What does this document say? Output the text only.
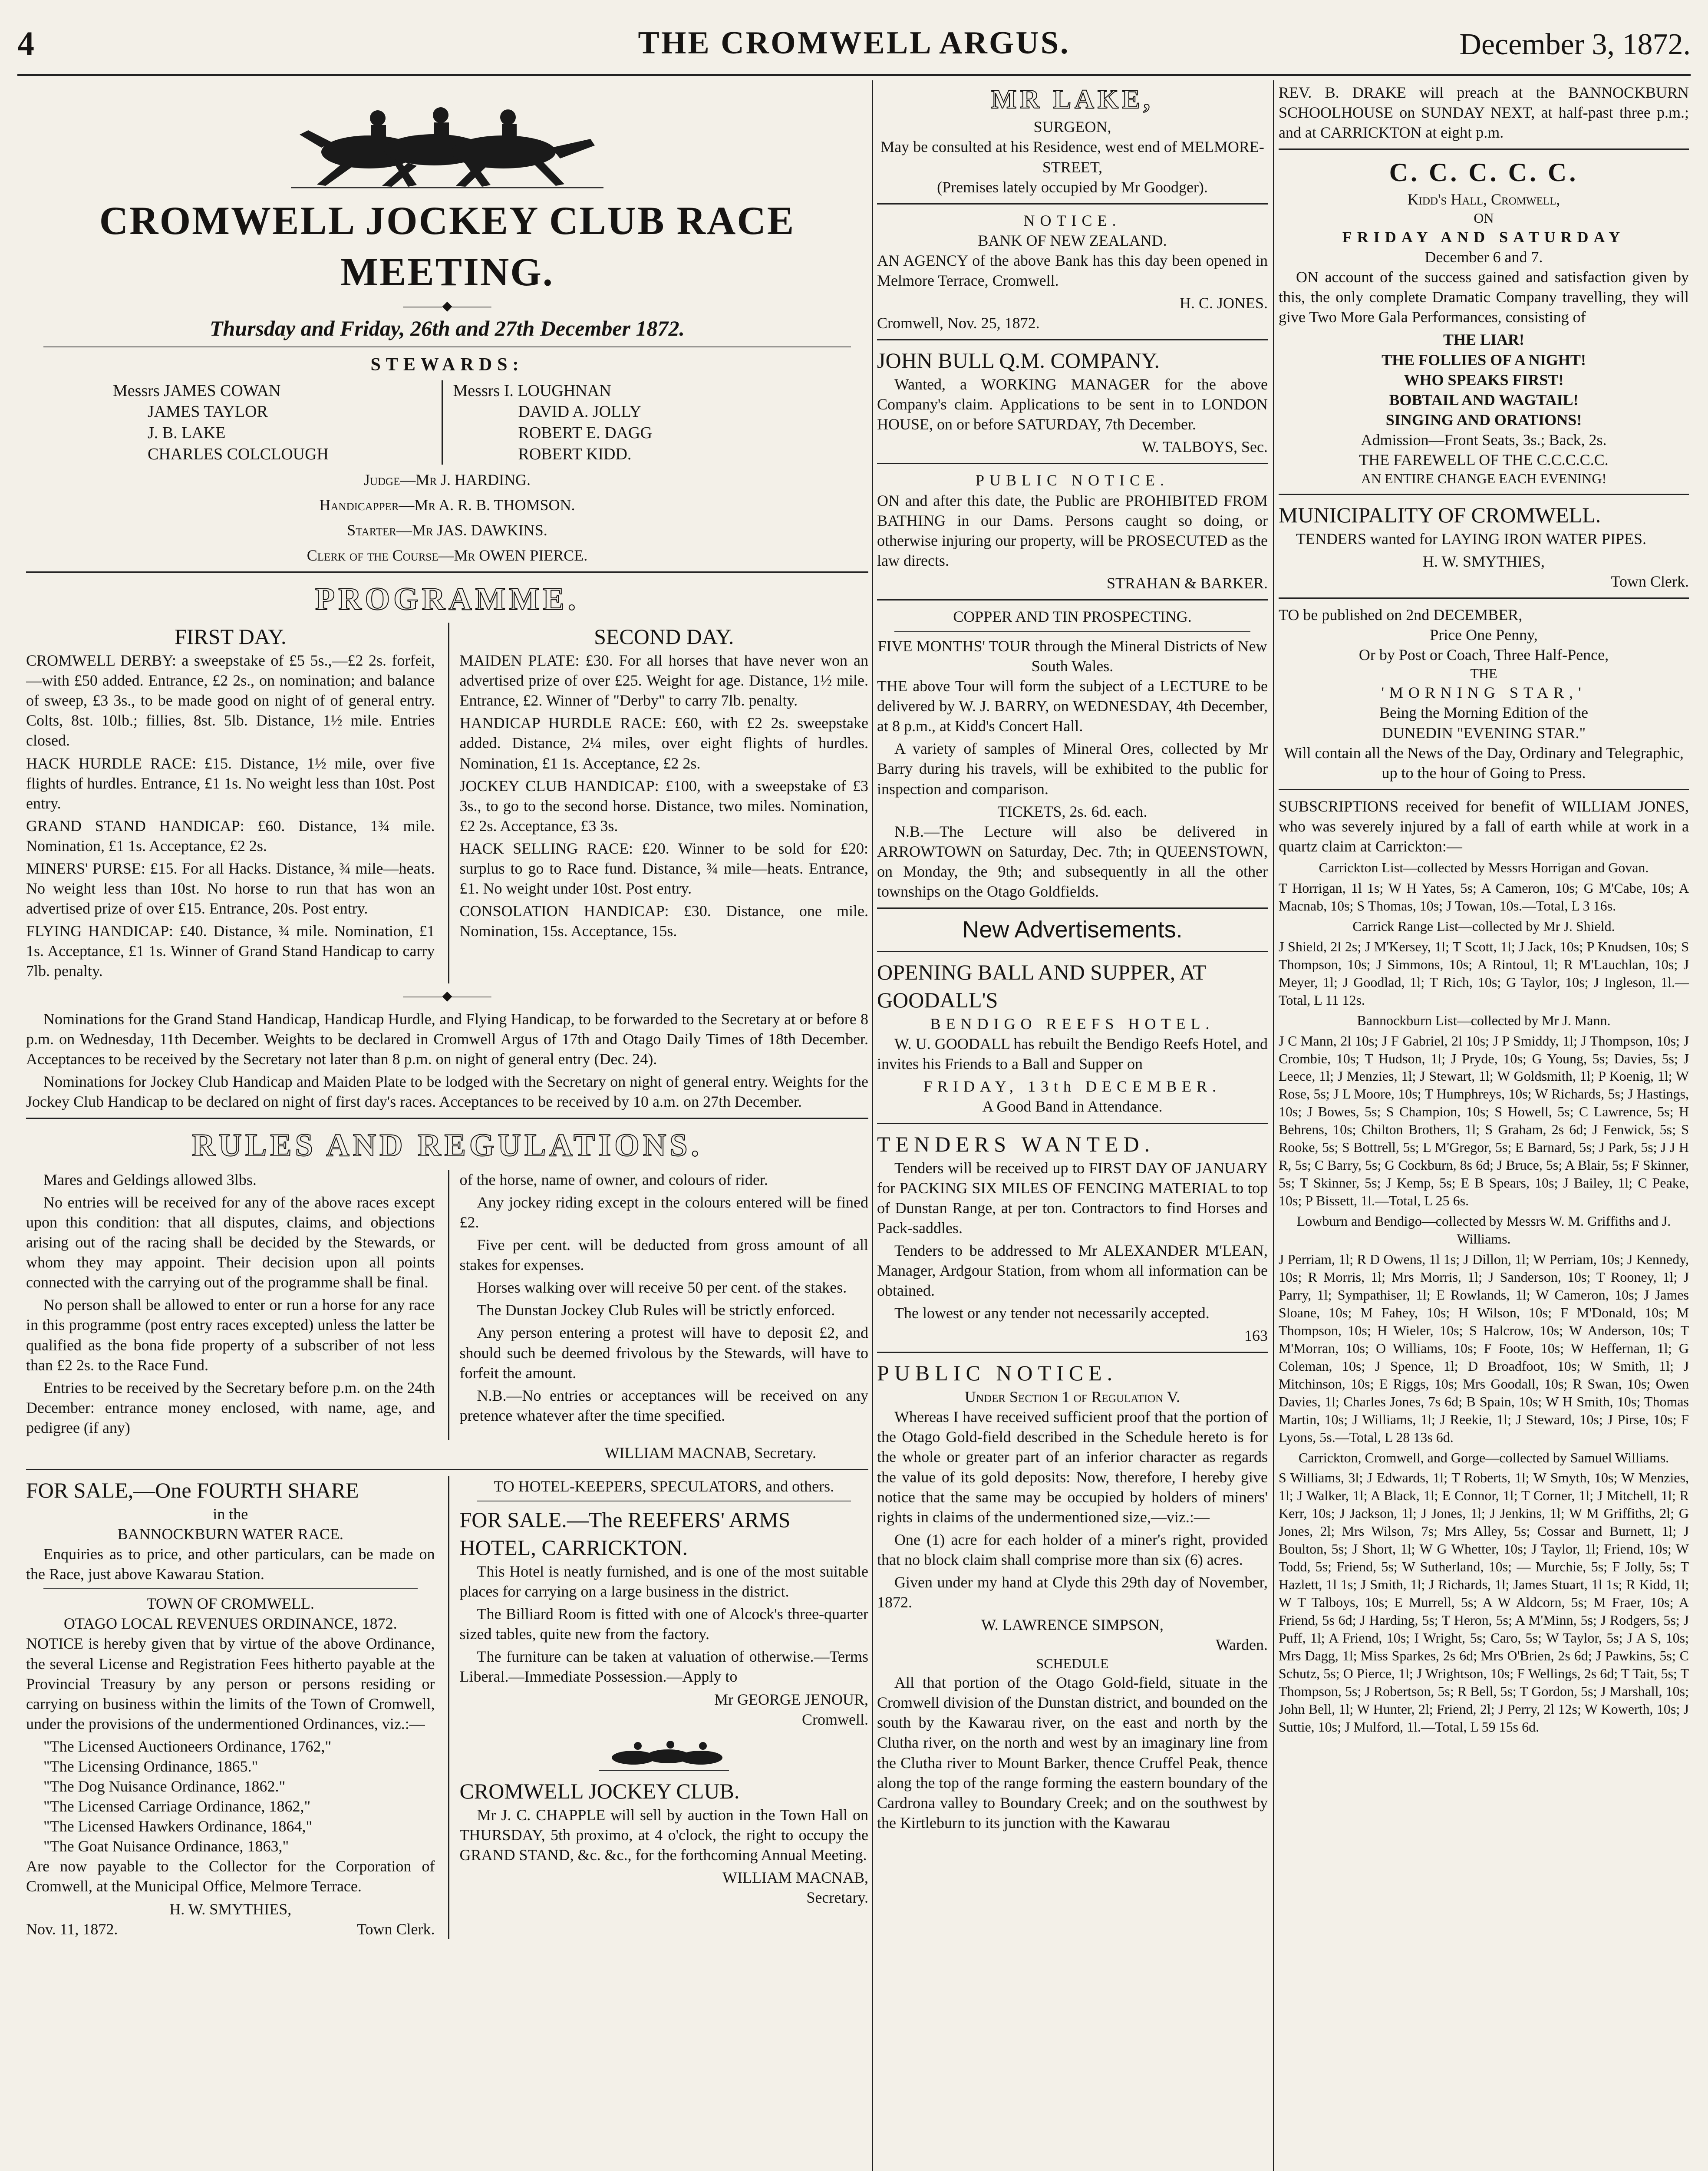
4	THE CROMWELL ARGUS.	December 3, 1872.
CROMWELL JOCKEY CLUB RACE MEETING.
———◆———
Thursday and Friday, 26th and 27th December 1872.
STEWARDS:
Messrs JAMES COWAN
JAMES TAYLOR
J. B. LAKE
CHARLES COLCLOUGH
Messrs I. LOUGHNAN
DAVID A. JOLLY
ROBERT E. DAGG
ROBERT KIDD.
Judge—Mr J. HARDING.
Handicapper—Mr A. R. B. THOMSON.
Starter—Mr JAS. DAWKINS.
Clerk of the Course—Mr OWEN PIERCE.
PROGRAMME.
FIRST DAY.

CROMWELL DERBY: a sweepstake of £5 5s.,—£2 2s. forfeit,—with £50 added. Entrance, £2 2s., on nomination; and balance of sweep, £3 3s., to be made good on night of of general entry. Colts, 8st. 10lb.; fillies, 8st. 5lb. Distance, 1½ mile. Entries closed.

HACK HURDLE RACE: £15. Distance, 1½ mile, over five flights of hurdles. Entrance, £1 1s. No weight less than 10st. Post entry.

GRAND STAND HANDICAP: £60. Distance, 1¾ mile. Nomination, £1 1s. Acceptance, £2 2s.

MINERS' PURSE: £15. For all Hacks. Distance, ¾ mile—heats. No weight less than 10st. No horse to run that has won an advertised prize of over £15. Entrance, 20s. Post entry.

FLYING HANDICAP: £40. Distance, ¾ mile. Nomination, £1 1s. Acceptance, £1 1s. Winner of Grand Stand Handicap to carry 7lb. penalty.

SECOND DAY.

MAIDEN PLATE: £30. For all horses that have never won an advertised prize of over £25. Weight for age. Distance, 1½ mile. Entrance, £2. Winner of "Derby" to carry 7lb. penalty.

HANDICAP HURDLE RACE: £60, with £2 2s. sweepstake added. Distance, 2¼ miles, over eight flights of hurdles. Nomination, £1 1s. Acceptance, £2 2s.

JOCKEY CLUB HANDICAP: £100, with a sweepstake of £3 3s., to go to the second horse. Distance, two miles. Nomination, £2 2s. Acceptance, £3 3s.

HACK SELLING RACE: £20. Winner to be sold for £20: surplus to go to Race fund. Distance, ¾ mile—heats. Entrance, £1. No weight under 10st. Post entry.

CONSOLATION HANDICAP: £30. Distance, one mile. Nomination, 15s. Acceptance, 15s.

———◆———

Nominations for the Grand Stand Handicap, Handicap Hurdle, and Flying Handicap, to be forwarded to the Secretary at or before 8 p.m. on Wednesday, 11th December. Weights to be declared in Cromwell Argus of 17th and Otago Daily Times of 18th December. Acceptances to be received by the Secretary not later than 8 p.m. on night of general entry (Dec. 24).

Nominations for Jockey Club Handicap and Maiden Plate to be lodged with the Secretary on night of general entry. Weights for the Jockey Club Handicap to be declared on night of first day's races. Acceptances to be received by 10 a.m. on 27th December.

RULES AND REGULATIONS.

Mares and Geldings allowed 3lbs.

No entries will be received for any of the above races except upon this condition: that all disputes, claims, and objections arising out of the racing shall be decided by the Stewards, or whom they may appoint. Their decision upon all points connected with the carrying out of the programme shall be final.

No person shall be allowed to enter or run a horse for any race in this programme (post entry races excepted) unless the latter be qualified as the bona fide property of a subscriber of not less than £2 2s. to the Race Fund.

Entries to be received by the Secretary before p.m. on the 24th December: entrance money enclosed, with name, age, and pedigree (if any)

of the horse, name of owner, and colours of rider.

Any jockey riding except in the colours entered will be fined £2.

Five per cent. will be deducted from gross amount of all stakes for expenses.

Horses walking over will receive 50 per cent. of the stakes.

The Dunstan Jockey Club Rules will be strictly enforced.

Any person entering a protest will have to deposit £2, and should such be deemed frivolous by the Stewards, will have to forfeit the amount.

N.B.—No entries or acceptances will be received on any pretence whatever after the time specified.

WILLIAM MACNAB, Secretary.
FOR SALE,—One FOURTH SHARE
in the
BANNOCKBURN WATER RACE.

Enquiries as to price, and other particulars, can be made on the Race, just above Kawarau Station.

TOWN OF CROMWELL.
OTAGO LOCAL REVENUES ORDINANCE, 1872.

NOTICE is hereby given that by virtue of the above Ordinance, the several License and Registration Fees hitherto payable at the Provincial Treasury by any person or persons residing or carrying on business within the limits of the Town of Cromwell, under the provisions of the undermentioned Ordinances, viz.:—

"The Licensed Auctioneers Ordinance, 1762,"
"The Licensing Ordinance, 1865."
"The Dog Nuisance Ordinance, 1862."
"The Licensed Carriage Ordinance, 1862,"
"The Licensed Hawkers Ordinance, 1864,"
"The Goat Nuisance Ordinance, 1863,"

Are now payable to the Collector for the Corporation of Cromwell, at the Municipal Office, Melmore Terrace.

H. W. SMYTHIES,
Nov. 11, 1872.	Town Clerk.
TO HOTEL-KEEPERS, SPECULATORS, and others.
FOR SALE.—The REEFERS' ARMS HOTEL, CARRICKTON.

This Hotel is neatly furnished, and is one of the most suitable places for carrying on a large business in the district.

The Billiard Room is fitted with one of Alcock's three-quarter sized tables, quite new from the factory.

The furniture can be taken at valuation of otherwise.—Terms Liberal.—Immediate Possession.—Apply to

Mr GEORGE JENOUR,
Cromwell.
CROMWELL JOCKEY CLUB.

Mr J. C. CHAPPLE will sell by auction in the Town Hall on THURSDAY, 5th proximo, at 4 o'clock, the right to occupy the GRAND STAND, &c. &c., for the forthcoming Annual Meeting.

WILLIAM MACNAB,
Secretary.
MR LAKE,
SURGEON,
May be consulted at his Residence, west end of MELMORE-STREET,
(Premises lately occupied by Mr Goodger).
NOTICE.
BANK OF NEW ZEALAND.

AN AGENCY of the above Bank has this day been opened in Melmore Terrace, Cromwell.

H. C. JONES.
Cromwell, Nov. 25, 1872.
JOHN BULL Q.M. COMPANY.

Wanted, a WORKING MANAGER for the above Company's claim. Applications to be sent in to LONDON HOUSE, on or before SATURDAY, 7th December.

W. TALBOYS, Sec.
PUBLIC NOTICE.

ON and after this date, the Public are PROHIBITED FROM BATHING in our Dams. Persons caught so doing, or otherwise injuring our property, will be PROSECUTED as the law directs.

STRAHAN & BARKER.
COPPER AND TIN PROSPECTING.
FIVE MONTHS' TOUR through the Mineral Districts of New South Wales.

THE above Tour will form the subject of a LECTURE to be delivered by W. J. BARRY, on WEDNESDAY, 4th December, at 8 p.m., at Kidd's Concert Hall.

A variety of samples of Mineral Ores, collected by Mr Barry during his travels, will be exhibited to the public for inspection and comparison.

TICKETS, 2s. 6d. each.

N.B.—The Lecture will also be delivered in ARROWTOWN on Saturday, Dec. 7th; in QUEENSTOWN, on Monday, the 9th; and subsequently in all the other townships on the Otago Goldfields.

New Advertisements.
OPENING BALL AND SUPPER, AT GOODALL'S
BENDIGO REEFS HOTEL.

W. U. GOODALL has rebuilt the Bendigo Reefs Hotel, and invites his Friends to a Ball and Supper on

FRIDAY, 13th DECEMBER.
A Good Band in Attendance.
TENDERS WANTED.

Tenders will be received up to FIRST DAY OF JANUARY for PACKING SIX MILES OF FENCING MATERIAL to top of Dunstan Range, at per ton. Contractors to find Horses and Pack-saddles.

Tenders to be addressed to Mr ALEXANDER M'LEAN, Manager, Ardgour Station, from whom all information can be obtained.

The lowest or any tender not necessarily accepted.

163
PUBLIC NOTICE.
Under Section 1 of Regulation V.

Whereas I have received sufficient proof that the portion of the Otago Gold-field described in the Schedule hereto is for the whole or greater part of an inferior character as regards the value of its gold deposits: Now, therefore, I hereby give notice that the same may be occupied by holders of miners' rights in claims of the undermentioned size,—viz.:—

One (1) acre for each holder of a miner's right, provided that no block claim shall comprise more than six (6) acres.

Given under my hand at Clyde this 29th day of November, 1872.

W. LAWRENCE SIMPSON,
Warden.
SCHEDULE

All that portion of the Otago Gold-field, situate in the Cromwell division of the Dunstan district, and bounded on the south by the Kawarau river, on the east and north by the Clutha river, on the north and west by an imaginary line from the Clutha river to Mount Barker, thence Cruffel Peak, thence along the top of the range forming the eastern boundary of the Cardrona valley to Boundary Creek; and on the southwest by the Kirtleburn to its junction with the Kawarau

REV. B. DRAKE will preach at the BANNOCKBURN SCHOOLHOUSE on SUNDAY NEXT, at half-past three p.m.; and at CARRICKTON at eight p.m.

C. C. C. C. C.
Kidd's Hall, Cromwell,
ON
FRIDAY AND SATURDAY
December 6 and 7.

ON account of the success gained and satisfaction given by this, the only complete Dramatic Company travelling, they will give Two More Gala Performances, consisting of

THE LIAR!
THE FOLLIES OF A NIGHT!
WHO SPEAKS FIRST!
BOBTAIL AND WAGTAIL!
SINGING AND ORATIONS!
Admission—Front Seats, 3s.; Back, 2s.
THE FAREWELL OF THE C.C.C.C.C.
AN ENTIRE CHANGE EACH EVENING!
MUNICIPALITY OF CROMWELL.

TENDERS wanted for LAYING IRON WATER PIPES.

H. W. SMYTHIES,
Town Clerk.
TO be published on 2nd DECEMBER,
Price One Penny,
Or by Post or Coach, Three Half-Pence,
THE
'MORNING STAR,'
Being the Morning Edition of the
DUNEDIN "EVENING STAR."

Will contain all the News of the Day, Ordinary and Telegraphic, up to the hour of Going to Press.

SUBSCRIPTIONS received for benefit of WILLIAM JONES, who was severely injured by a fall of earth while at work in a quartz claim at Carrickton:—

Carrickton List—collected by Messrs Horrigan and Govan.

T Horrigan, 1l 1s; W H Yates, 5s; A Cameron, 10s; G M'Cabe, 10s; A Macnab, 10s; S Thomas, 10s; J Towan, 10s.—Total, L 3 16s.

Carrick Range List—collected by Mr J. Shield.

J Shield, 2l 2s; J M'Kersey, 1l; T Scott, 1l; J Jack, 10s; P Knudsen, 10s; S Thompson, 10s; J Simmons, 10s; A Rintoul, 1l; R M'Lauchlan, 10s; J Meyer, 1l; J Goodlad, 1l; T Rich, 10s; G Taylor, 10s; J Ingleson, 1l.—Total, L 11 12s.

Bannockburn List—collected by Mr J. Mann.

J C Mann, 2l 10s; J F Gabriel, 2l 10s; J P Smiddy, 1l; J Thompson, 10s; J Crombie, 10s; T Hudson, 1l; J Pryde, 10s; G Young, 5s; Davies, 5s; J Leece, 1l; J Menzies, 1l; J Stewart, 1l; W Goldsmith, 1l; P Koenig, 1l; W Rose, 5s; J L Moore, 10s; T Humphreys, 10s; W Richards, 5s; J Hastings, 10s; J Bowes, 5s; S Champion, 10s; S Howell, 5s; C Lawrence, 5s; H Behrens, 10s; Chilton Brothers, 1l; S Graham, 2s 6d; J Fenwick, 5s; S Rooke, 5s; S Bottrell, 5s; L M'Gregor, 5s; E Barnard, 5s; J Park, 5s; J J H R, 5s; C Barry, 5s; G Cockburn, 8s 6d; J Bruce, 5s; A Blair, 5s; F Skinner, 5s; T Skinner, 5s; J Kemp, 5s; E B Spears, 10s; J Bailey, 1l; C Peake, 10s; P Bissett, 1l.—Total, L 25 6s.

Lowburn and Bendigo—collected by Messrs W. M. Griffiths and J. Williams.

J Perriam, 1l; R D Owens, 1l 1s; J Dillon, 1l; W Perriam, 10s; J Kennedy, 10s; R Morris, 1l; Mrs Morris, 1l; J Sanderson, 10s; T Rooney, 1l; J Parry, 1l; Sympathiser, 1l; E Rowlands, 1l; W Cameron, 10s; J James Sloane, 10s; M Fahey, 10s; H Wilson, 10s; F M'Donald, 10s; M Thompson, 10s; H Wieler, 10s; S Halcrow, 10s; W Anderson, 10s; T M'Morran, 10s; O Williams, 10s; F Foote, 10s; W Heffernan, 1l; G Coleman, 10s; J Spence, 1l; D Broadfoot, 10s; W Smith, 1l; J Mitchinson, 10s; E Riggs, 10s; Mrs Goodall, 10s; R Swan, 10s; Owen Davies, 1l; Charles Jones, 7s 6d; B Spain, 10s; W H Smith, 10s; Thomas Martin, 10s; J Williams, 1l; J Reekie, 1l; J Steward, 10s; J Pirse, 10s; F Lyons, 5s.—Total, L 28 13s 6d.

Carrickton, Cromwell, and Gorge—collected by Samuel Williams.

S Williams, 3l; J Edwards, 1l; T Roberts, 1l; W Smyth, 10s; W Menzies, 1l; J Walker, 1l; A Black, 1l; E Connor, 1l; T Corner, 1l; J Mitchell, 1l; R Kerr, 10s; J Jackson, 1l; J Jones, 1l; J Jenkins, 1l; W M Griffiths, 2l; G Jones, 2l; Mrs Wilson, 7s; Mrs Alley, 5s; Cossar and Burnett, 1l; J Boulton, 5s; J Short, 1l; W G Whetter, 10s; J Taylor, 1l; Friend, 10s; W Todd, 5s; Friend, 5s; W Sutherland, 10s; — Murchie, 5s; F Jolly, 5s; T Hazlett, 1l 1s; J Smith, 1l; J Richards, 1l; James Stuart, 1l 1s; R Kidd, 1l; W T Talboys, 10s; E Murrell, 5s; A W Aldcorn, 5s; M Fraer, 10s; A Friend, 5s 6d; J Harding, 5s; T Heron, 5s; A M'Minn, 5s; J Rodgers, 5s; J Puff, 1l; A Friend, 10s; I Wright, 5s; Caro, 5s; W Taylor, 5s; J A S, 10s; Mrs Dagg, 1l; Miss Sparkes, 2s 6d; Mrs O'Brien, 2s 6d; J Pawkins, 5s; C Schutz, 5s; O Pierce, 1l; J Wrightson, 10s; F Wellings, 2s 6d; T Tait, 5s; T Thompson, 5s; J Robertson, 5s; R Bell, 5s; T Gordon, 5s; J Marshall, 10s; John Bell, 1l; W Hunter, 2l; Friend, 2l; J Perry, 2l 12s; W Kowerth, 10s; J Suttie, 10s; J Mulford, 1l.—Total, L 59 15s 6d.
